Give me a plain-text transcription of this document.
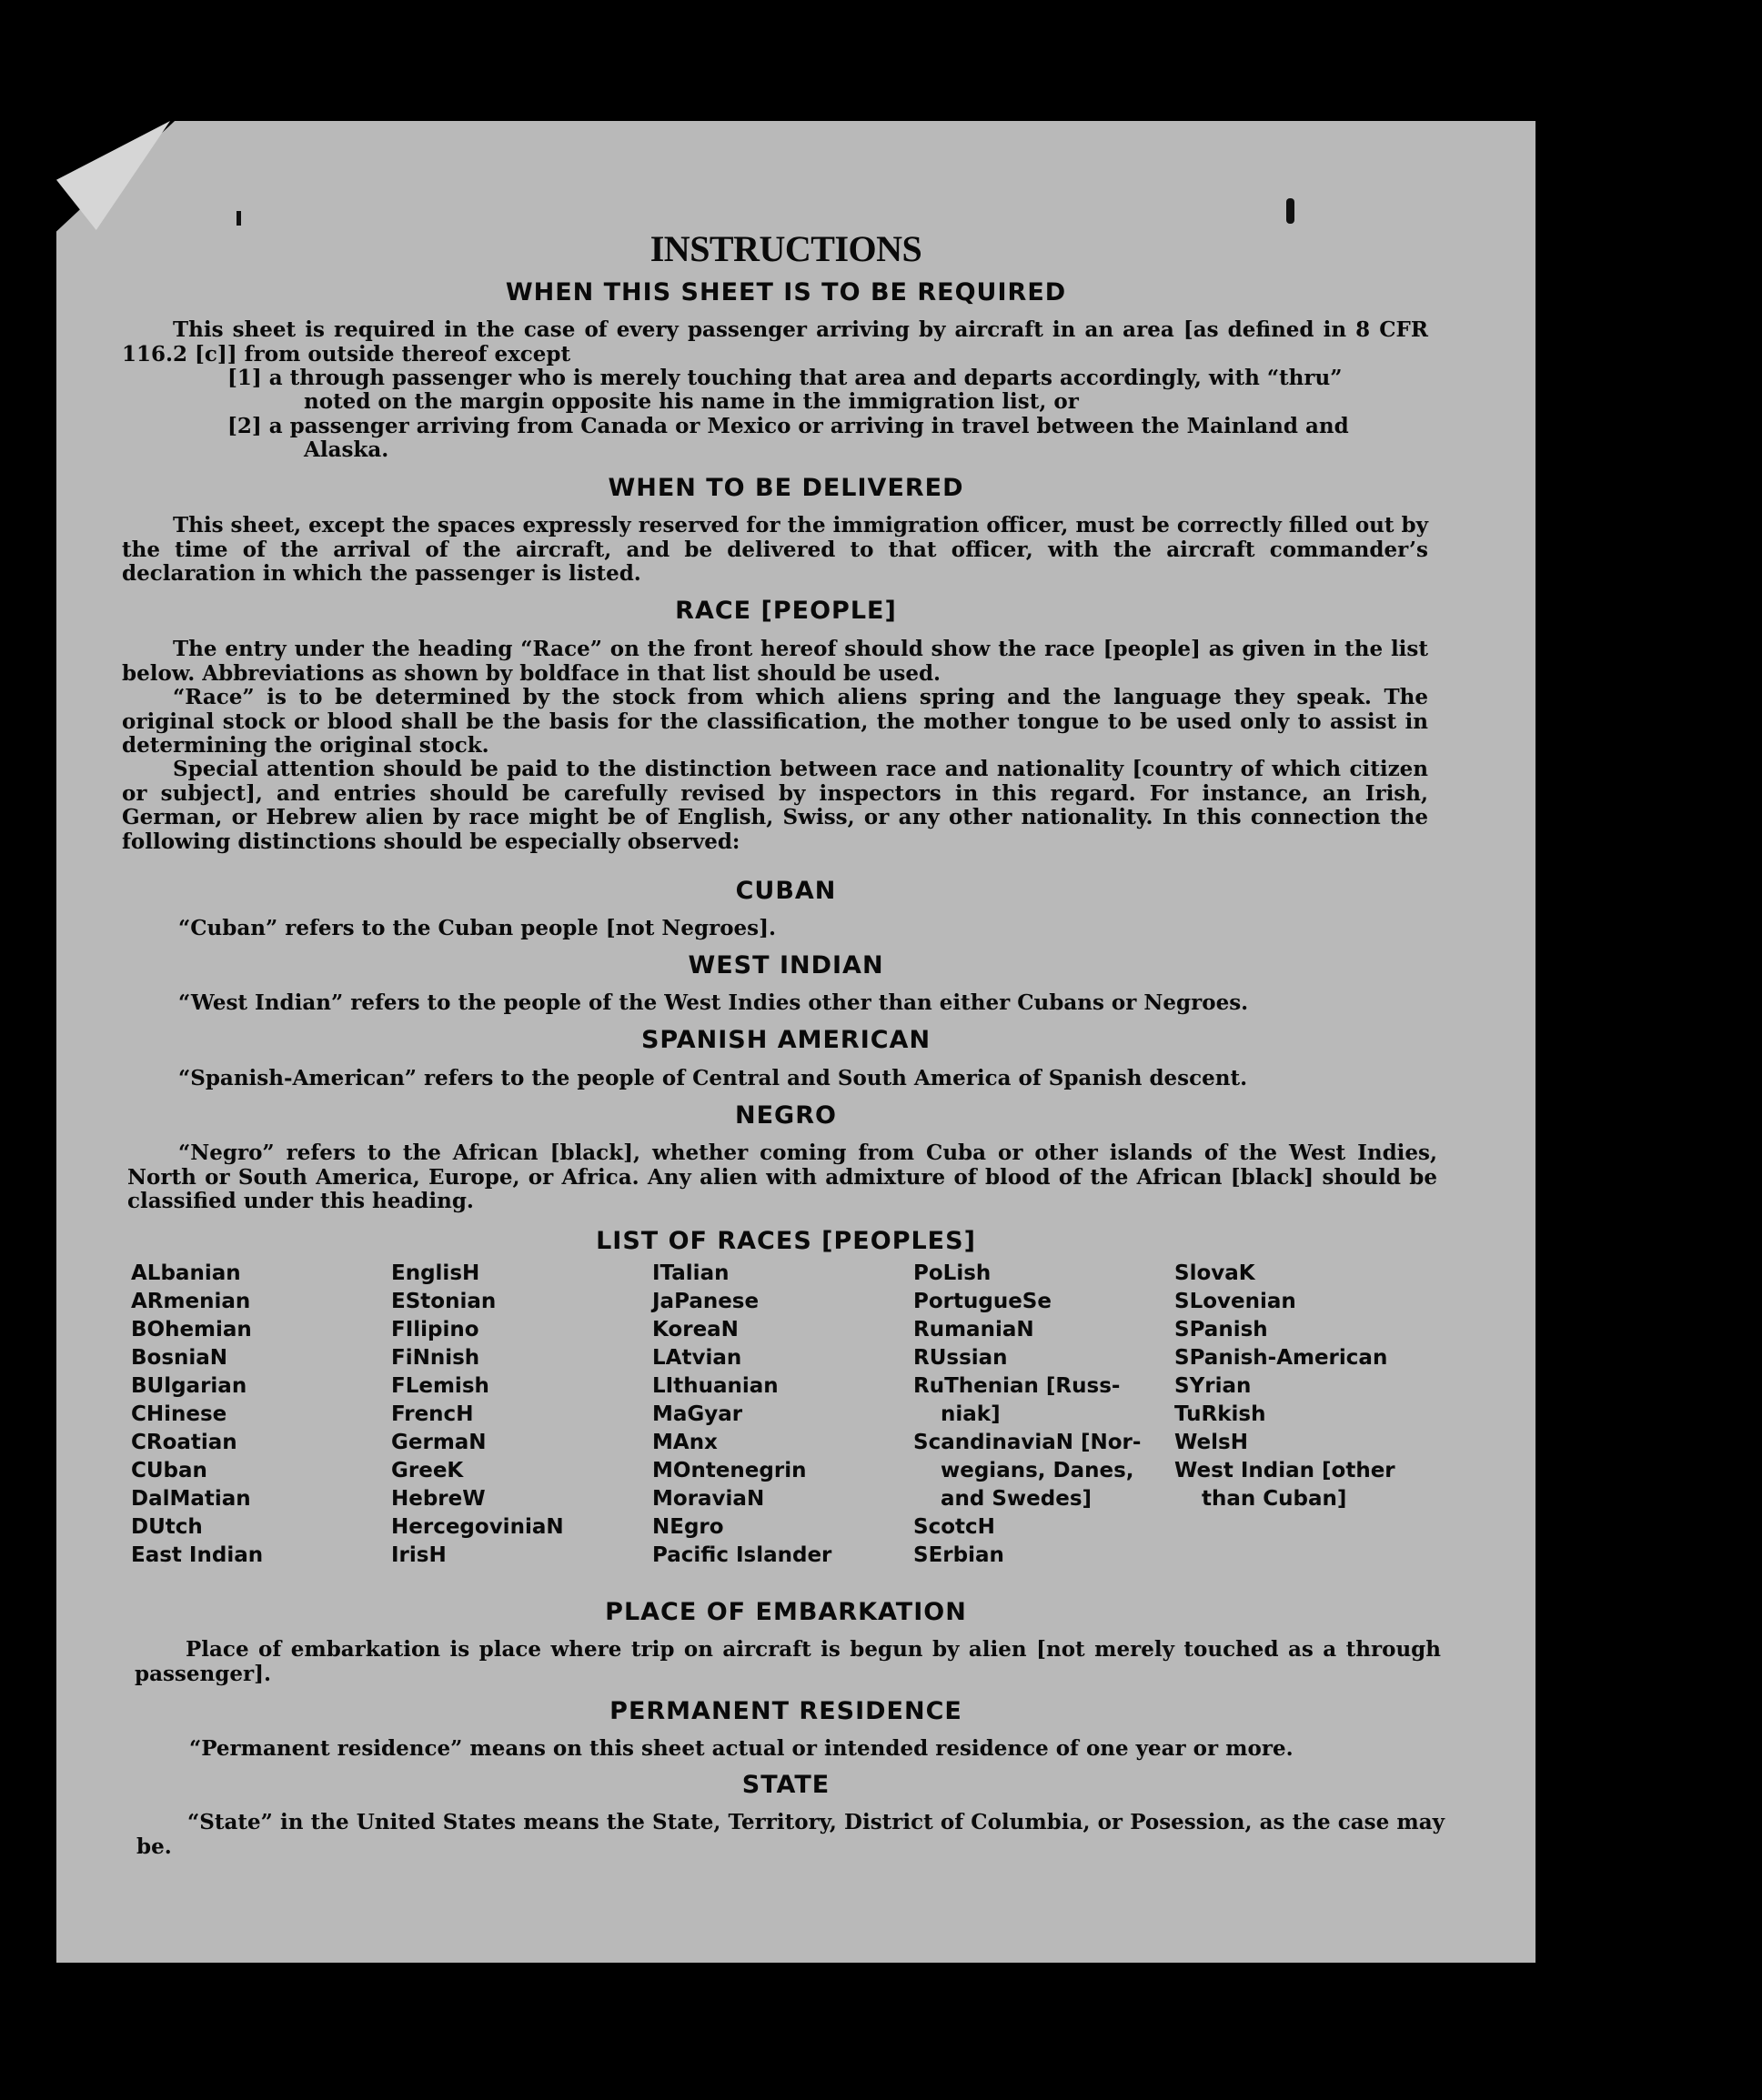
INSTRUCTIONS
WHEN THIS SHEET IS TO BE REQUIRED

This sheet is required in the case of every passenger arriving by aircraft in an area [as defined in 8 CFR 116.2 [c]] from outside thereof except

[1] a through passenger who is merely touching that area and departs accordingly, with “thru”

noted on the margin opposite his name in the immigration list, or

[2] a passenger arriving from Canada or Mexico or arriving in travel between the Mainland and

Alaska.

WHEN TO BE DELIVERED

This sheet, except the spaces expressly reserved for the immigration officer, must be correctly filled out by the time of the arrival of the aircraft, and be delivered to that officer, with the aircraft commander’s declaration in which the passenger is listed.

RACE [PEOPLE]

The entry under the heading “Race” on the front hereof should show the race [people] as given in the list below. Abbreviations as shown by boldface in that list should be used.

“Race” is to be determined by the stock from which aliens spring and the language they speak. The original stock or blood shall be the basis for the classification, the mother tongue to be used only to assist in determining the original stock.

Special attention should be paid to the distinction between race and nationality [country of which citizen or subject], and entries should be carefully revised by inspectors in this regard. For instance, an Irish, German, or Hebrew alien by race might be of English, Swiss, or any other nationality. In this connection the following distinctions should be especially observed:

CUBAN

“Cuban” refers to the Cuban people [not Negroes].

WEST INDIAN

“West Indian” refers to the people of the West Indies other than either Cubans or Negroes.

SPANISH AMERICAN

“Spanish-American” refers to the people of Central and South America of Spanish descent.

NEGRO

“Negro” refers to the African [black], whether coming from Cuba or other islands of the West Indies, North or South America, Europe, or Africa. Any alien with admixture of blood of the African [black] should be classified under this heading.

LIST OF RACES [PEOPLES]
ALbanian
ARmenian
BOhemian
BosniaN
BUlgarian
CHinese
CRoatian
CUban
DalMatian
DUtch
East Indian
EnglisH
EStonian
FIlipino
FiNnish
FLemish
FrencH
GermaN
GreeK
HebreW
HercegoviniaN
IrisH
ITalian
JaPanese
KoreaN
LAtvian
LIthuanian
MaGyar
MAnx
MOntenegrin
MoraviaN
NEgro
Pacific Islander
PoLish
PortugueSe
RumaniaN
RUssian
RuThenian [Russ-
niak]
ScandinaviaN [Nor-
wegians, Danes,
and Swedes]
ScotcH
SErbian
SlovaK
SLovenian
SPanish
SPanish-American
SYrian
TuRkish
WelsH
West Indian [other
than Cuban]
PLACE OF EMBARKATION

Place of embarkation is place where trip on aircraft is begun by alien [not merely touched as a through passenger].

PERMANENT RESIDENCE

“Permanent residence” means on this sheet actual or intended residence of one year or more.

STATE

“State” in the United States means the State, Territory, District of Columbia, or Posession, as the case may be.
